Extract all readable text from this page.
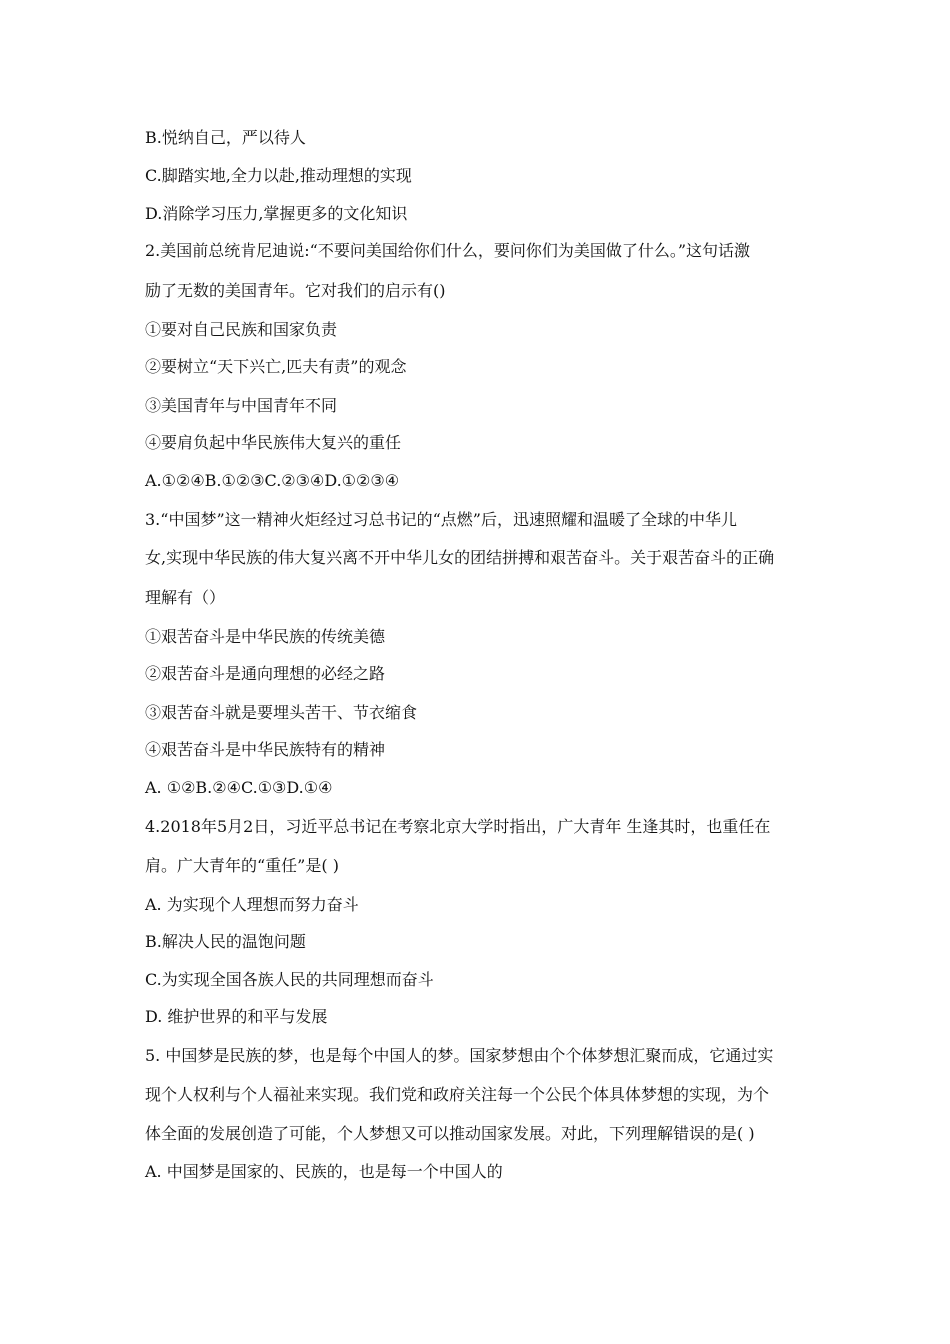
B.悦纳自己，严以待人
C.脚踏实地,全力以赴,推动理想的实现
D.消除学习压力,掌握更多的文化知识
2.美国前总统肯尼迪说:“不要问美国给你们什么，要问你们为美国做了什么。”这句话激
励了无数的美国青年。它对我们的启示有()
①要对自己民族和国家负责
②要树立“天下兴亡,匹夫有责”的观念
③美国青年与中国青年不同
④要肩负起中华民族伟大复兴的重任
A.①②④B.①②③C.②③④D.①②③④
3.“中国梦”这一精神火炬经过习总书记的“点燃”后，迅速照耀和温暖了全球的中华儿
女,实现中华民族的伟大复兴离不开中华儿女的团结拼搏和艰苦奋斗。关于艰苦奋斗的正确
理解有（）
①艰苦奋斗是中华民族的传统美德
②艰苦奋斗是通向理想的必经之路
③艰苦奋斗就是要埋头苦干、节衣缩食
④艰苦奋斗是中华民族特有的精神
A. ①②B.②④C.①③D.①④
4.2018年5月2日，习近平总书记在考察北京大学时指出，广大青年 生逢其时，也重任在
肩。广大青年的“重任”是( )
A. 为实现个人理想而努力奋斗
B.解决人民的温饱问题
C.为实现全国各族人民的共同理想而奋斗
D. 维护世界的和平与发展
5. 中国梦是民族的梦，也是每个中国人的梦。国家梦想由个个体梦想汇聚而成，它通过实
现个人权利与个人福祉来实现。我们党和政府关注每一个公民个体具体梦想的实现，为个
体全面的发展创造了可能，个人梦想又可以推动国家发展。对此，下列理解错误的是( )
A. 中国梦是国家的、民族的，也是每一个中国人的
